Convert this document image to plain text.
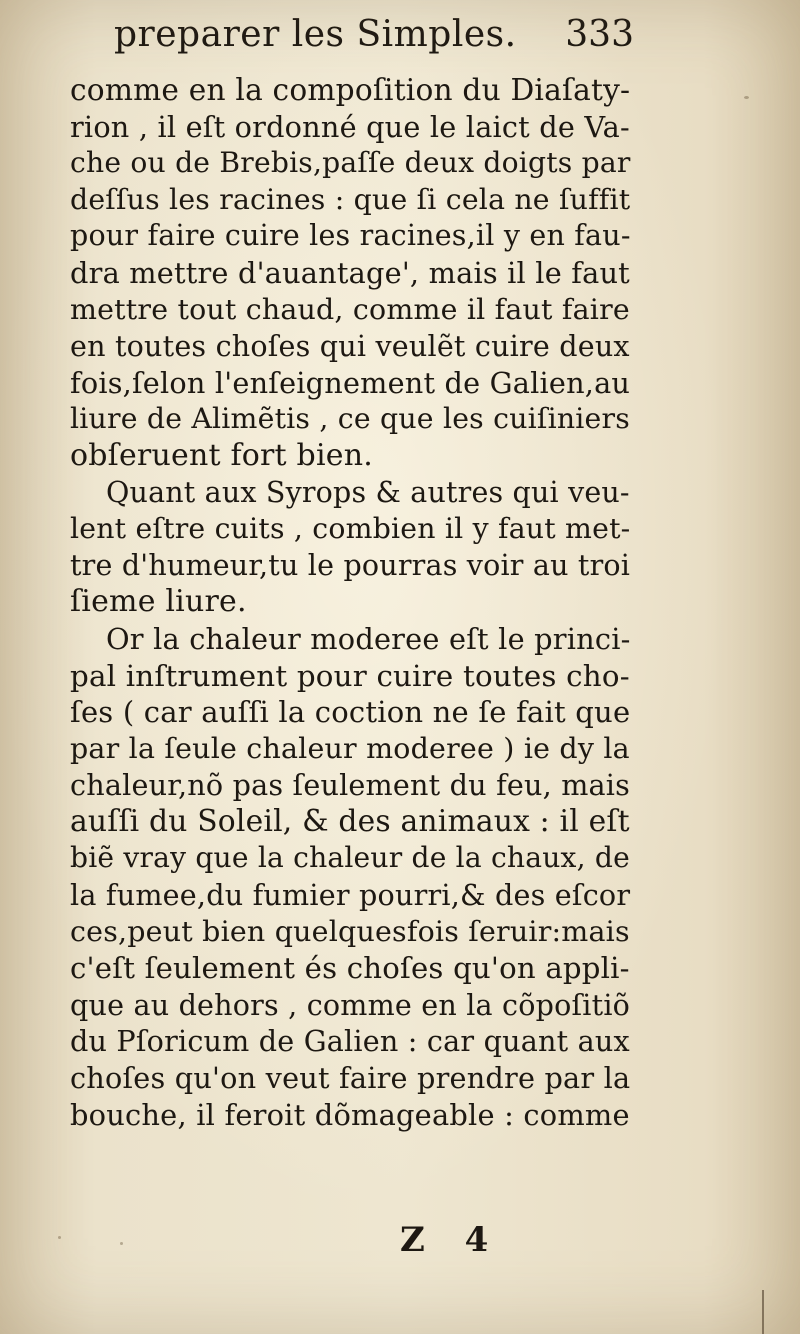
preparer les Simples. 333
comme en la compoſition du Diaſaty-
rion , il eſt ordonné que le laict de Va-
che ou de Brebis,paſſe deux doigts par
deſſus les racines : que ſi cela ne ſuffit
pour faire cuire les racines,il y en fau-
dra mettre d'auantage', mais il le faut
mettre tout chaud, comme il faut faire
en toutes choſes qui veulẽt cuire deux
fois,ſelon l'enſeignement de Galien,au
liure de Alimẽtis , ce que les cuiſiniers
obſeruent fort bien.
Quant aux Syrops & autres qui veu-
lent eſtre cuits , combien il y faut met-
tre d'humeur,tu le pourras voir au troi
ſieme liure.
Or la chaleur moderee eſt le princi-
pal inſtrument pour cuire toutes cho-
ſes ( car auſſi la coction ne ſe fait que
par la ſeule chaleur moderee ) ie dy la
chaleur,nõ pas ſeulement du feu, mais
auſſi du Soleil, & des animaux : il eſt
biẽ vray que la chaleur de la chaux, de
la fumee,du fumier pourri,& des eſcor
ces,peut bien quelquesfois ſeruir:mais
c'eſt ſeulement és choſes qu'on appli-
que au dehors , comme en la cõpoſitiõ
du Pſoricum de Galien : car quant aux
choſes qu'on veut faire prendre par la
bouche, il feroit dõmageable : comme
Z 4
